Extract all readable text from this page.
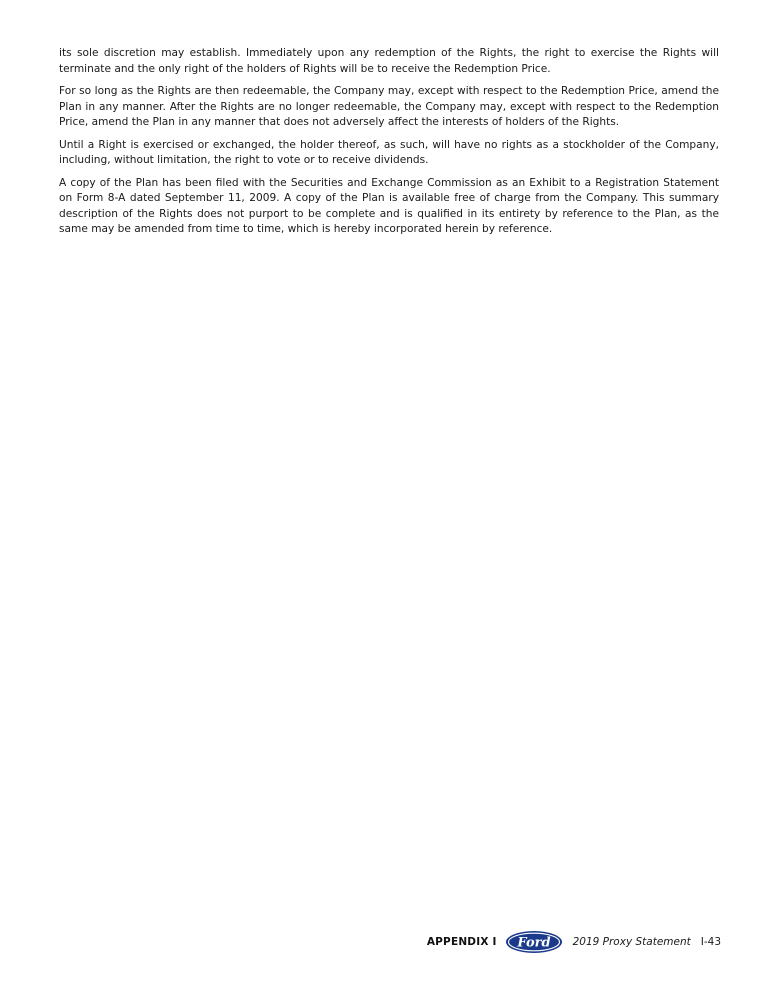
its sole discretion may establish. Immediately upon any redemption of the Rights, the right to exercise the Rights will terminate and the only right of the holders of Rights will be to receive the Redemption Price.

For so long as the Rights are then redeemable, the Company may, except with respect to the Redemption Price, amend the Plan in any manner. After the Rights are no longer redeemable, the Company may, except with respect to the Redemption Price, amend the Plan in any manner that does not adversely affect the interests of holders of the Rights.

Until a Right is exercised or exchanged, the holder thereof, as such, will have no rights as a stockholder of the Company, including, without limitation, the right to vote or to receive dividends.

A copy of the Plan has been filed with the Securities and Exchange Commission as an Exhibit to a Registration Statement on Form 8-A dated September 11, 2009. A copy of the Plan is available free of charge from the Company. This summary description of the Rights does not purport to be complete and is qualified in its entirety by reference to the Plan, as the same may be amended from time to time, which is hereby incorporated herein by reference.

APPENDIX I Ford 2019 Proxy Statement I-43
